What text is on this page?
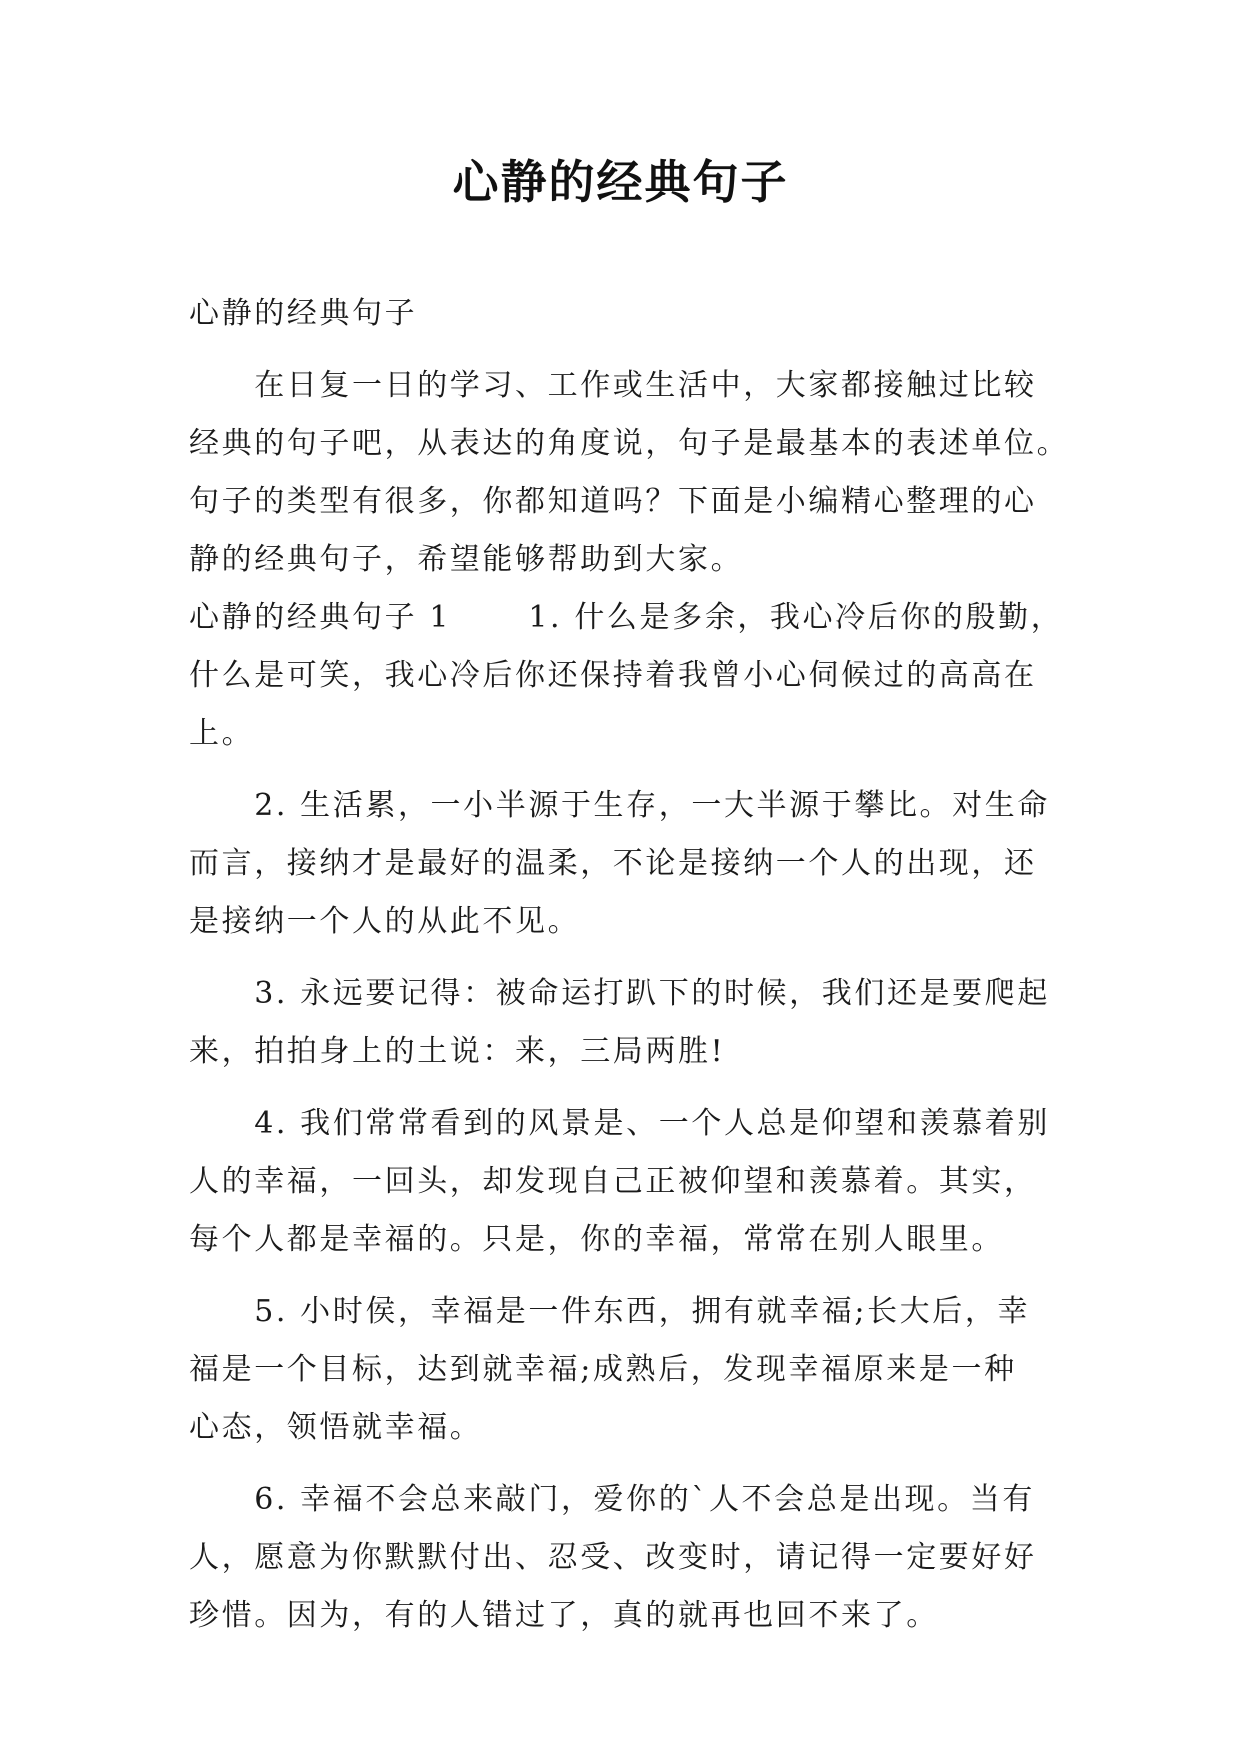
心静的经典句子

心静的经典句子

　　在日复一日的学习、工作或生活中，大家都接触过比较

经典的句子吧，从表达的角度说，句子是最基本的表述单位。

句子的类型有很多，你都知道吗？下面是小编精心整理的心

静的经典句子，希望能够帮助到大家。

心静的经典句子 1　　 1. 什么是多余，我心冷后你的殷勤，

什么是可笑，我心冷后你还保持着我曾小心伺候过的高高在

上。

　　2. 生活累，一小半源于生存，一大半源于攀比。对生命

而言，接纳才是最好的温柔，不论是接纳一个人的出现，还

是接纳一个人的从此不见。

　　3. 永远要记得：被命运打趴下的时候，我们还是要爬起

来，拍拍身上的土说：来，三局两胜!

　　4. 我们常常看到的风景是、一个人总是仰望和羡慕着别

人的幸福，一回头，却发现自己正被仰望和羡慕着。其实，

每个人都是幸福的。只是，你的幸福，常常在别人眼里。

　　5. 小时侯，幸福是一件东西，拥有就幸福;长大后，幸

福是一个目标，达到就幸福;成熟后，发现幸福原来是一种

心态，领悟就幸福。

　　6. 幸福不会总来敲门，爱你的`人不会总是出现。当有

人，愿意为你默默付出、忍受、改变时，请记得一定要好好

珍惜。因为，有的人错过了，真的就再也回不来了。
